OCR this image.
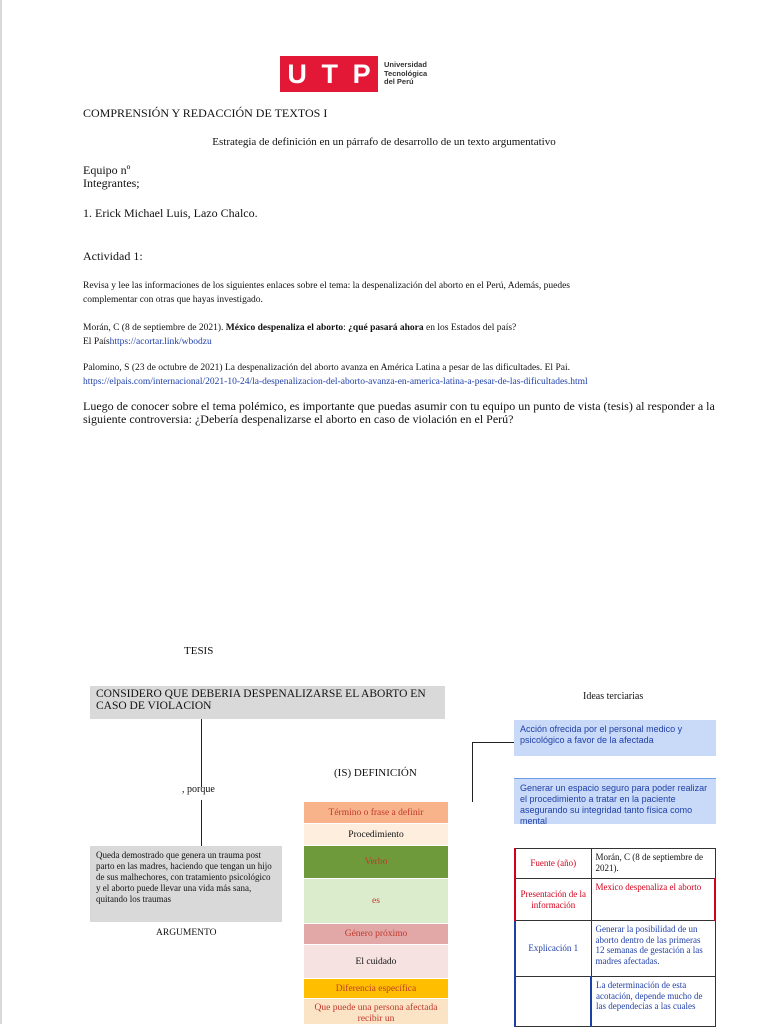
U T P Universidad
Tecnológica
del Perú
COMPRENSIÓN Y REDACCIÓN DE TEXTOS I
Estrategia de definición en un párrafo de desarrollo de un texto argumentativo
Equipo nº
Integrantes;
1. Erick Michael Luis, Lazo Chalco.
Actividad 1:
Revisa y lee las informaciones de los siguientes enlaces sobre el tema: la despenalización del aborto en el Perú, Además, puedes
complementar con otras que hayas investigado.
Morán, C (8 de septiembre de 2021). México despenaliza el aborto: ¿qué pasará ahora en los Estados del país?
El Paíshttps://acortar.link/wbodzu
Palomino, S (23 de octubre de 2021) La despenalización del aborto avanza en América Latina a pesar de las dificultades. El Pai.
https://elpais.com/internacional/2021-10-24/la-despenalizacion-del-aborto-avanza-en-america-latina-a-pesar-de-las-dificultades.html
Luego de conocer sobre el tema polémico, es importante que puedas asumir con tu equipo un punto de vista (tesis) al responder a la
siguiente controversia: ¿Debería despenalizarse el aborto en caso de violación en el Perú?
TESIS
CONSIDERO QUE DEBERIA DESPENALIZARSE EL ABORTO EN CASO DE VIOLACION
, porque
Queda demostrado que genera un trauma post parto en las madres, haciendo que tengan un hijo de sus malhechores, con tratamiento psicológico y el aborto puede llevar una vida más sana, quitando los traumas
ARGUMENTO
(IS) DEFINICIÓN
Término o frase a definir
Procedimiento
Verbo
es
Género próximo
El cuidado
Diferencia específica
Que puede una persona afectada recibir un
Ideas terciarias
Acción ofrecida por el personal medico y psicológico a favor de la afectada
Generar un espacio seguro para poder realizar el procedimiento a tratar en la paciente asegurando su integridad tanto física como mental
Fuente (año)	Morán, C (8 de septiembre de 2021).
Presentación de la información	Mexico despenaliza el aborto
Explicación 1	Generar la posibilidad de un aborto dentro de las primeras 12 semanas de gestación a las madres afectadas.
	La determinación de esta acotación, depende mucho de las dependecias a las cuales
